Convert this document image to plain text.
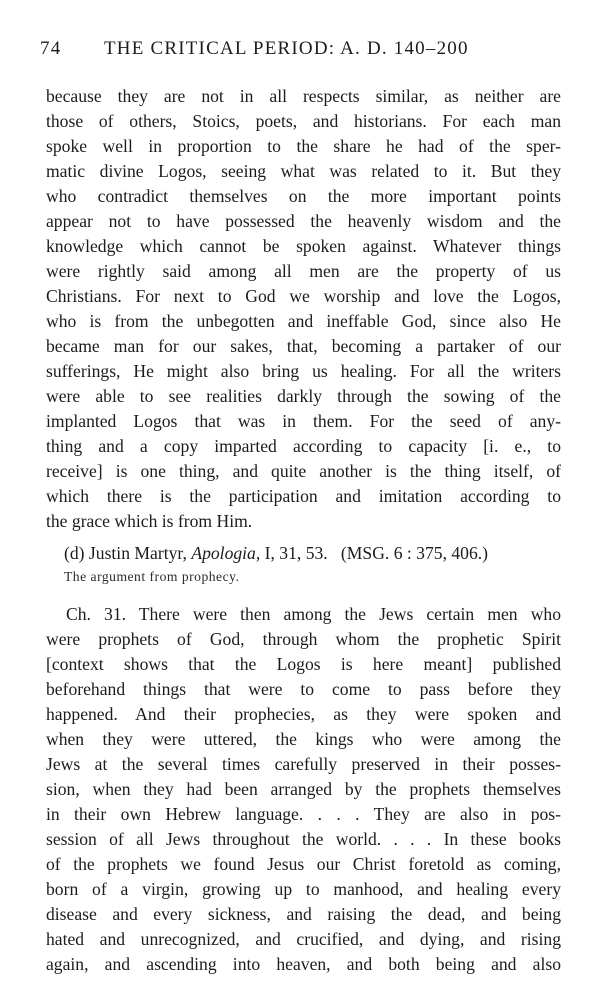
74 THE CRITICAL PERIOD: A. D. 140–200
because they are not in all respects similar, as neither are
those of others, Stoics, poets, and historians. For each man
spoke well in proportion to the share he had of the sper-
matic divine Logos, seeing what was related to it. But they
who contradict themselves on the more important points
appear not to have possessed the heavenly wisdom and the
knowledge which cannot be spoken against. Whatever things
were rightly said among all men are the property of us
Christians. For next to God we worship and love the Logos,
who is from the unbegotten and ineffable God, since also He
became man for our sakes, that, becoming a partaker of our
sufferings, He might also bring us healing. For all the writers
were able to see realities darkly through the sowing of the
implanted Logos that was in them. For the seed of any-
thing and a copy imparted according to capacity [i. e., to
receive] is one thing, and quite another is the thing itself, of
which there is the participation and imitation according to
the grace which is from Him.
(d) Justin Martyr, Apologia, I, 31, 53. (MSG. 6 : 375, 406.)
The argument from prophecy.
Ch. 31. There were then among the Jews certain men who
were prophets of God, through whom the prophetic Spirit
[context shows that the Logos is here meant] published
beforehand things that were to come to pass before they
happened. And their prophecies, as they were spoken and
when they were uttered, the kings who were among the
Jews at the several times carefully preserved in their posses-
sion, when they had been arranged by the prophets themselves
in their own Hebrew language. . . . They are also in pos-
session of all Jews throughout the world. . . . In these books
of the prophets we found Jesus our Christ foretold as coming,
born of a virgin, growing up to manhood, and healing every
disease and every sickness, and raising the dead, and being
hated and unrecognized, and crucified, and dying, and rising
again, and ascending into heaven, and both being and also
